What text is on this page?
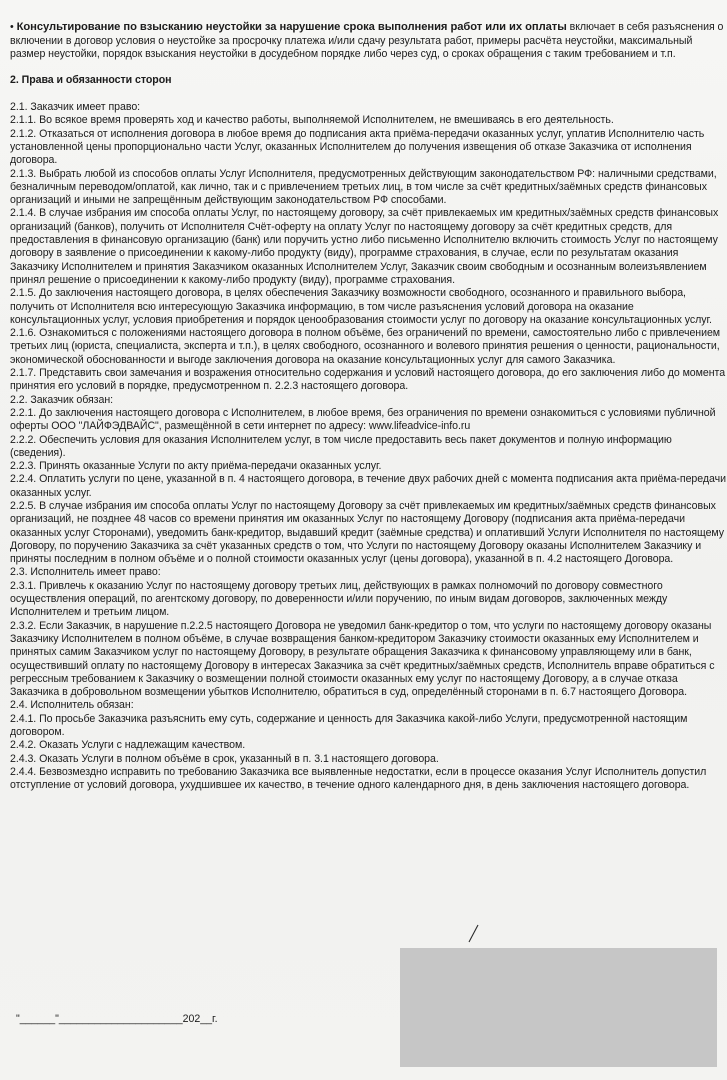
• Консультирование по взысканию неустойки за нарушение срока выполнения работ или их оплаты включает в себя разъяснения о включении в договор условия о неустойке за просрочку платежа и/или сдачу результата работ, примеры расчёта неустойки, максимальный размер неустойки, порядок взыскания неустойки в досудебном порядке либо через суд, о сроках обращения с таким требованием и т.п.

2. Права и обязанности сторон

2.1. Заказчик имеет право:

2.1.1. Во всякое время проверять ход и качество работы, выполняемой Исполнителем, не вмешиваясь в его деятельность.

2.1.2. Отказаться от исполнения договора в любое время до подписания акта приёма-передачи оказанных услуг, уплатив Исполнителю часть установленной цены пропорционально части Услуг, оказанных Исполнителем до получения извещения об отказе Заказчика от исполнения договора.

2.1.3. Выбрать любой из способов оплаты Услуг Исполнителя, предусмотренных действующим законодательством РФ: наличными средствами, безналичным переводом/оплатой, как лично, так и с привлечением третьих лиц, в том числе за счёт кредитных/заёмных средств финансовых организаций и иными не запрещённым действующим законодательством РФ способами.

2.1.4. В случае избрания им способа оплаты Услуг, по настоящему договору, за счёт привлекаемых им кредитных/заёмных средств финансовых организаций (банков), получить от Исполнителя Счёт-оферту на оплату Услуг по настоящему договору за счёт кредитных средств, для предоставления в финансовую организацию (банк) или поручить устно либо письменно Исполнителю включить стоимость Услуг по настоящему договору в заявление о присоединении к какому-либо продукту (виду), программе страхования, в случае, если по результатам оказания Заказчику Исполнителем и принятия Заказчиком оказанных Исполнителем Услуг, Заказчик своим свободным и осознанным волеизъявлением принял решение о присоединении к какому-либо продукту (виду), программе страхования.

2.1.5. До заключения настоящего договора, в целях обеспечения Заказчику возможности свободного, осознанного и правильного выбора, получить от Исполнителя всю интересующую Заказчика информацию, в том числе разъяснения условий договора на оказание консультационных услуг, условия приобретения и порядок ценообразования стоимости услуг по договору на оказание консультационных услуг.

2.1.6. Ознакомиться с положениями настоящего договора в полном объёме, без ограничений по времени, самостоятельно либо с привлечением третьих лиц (юриста, специалиста, эксперта и т.п.), в целях свободного, осознанного и волевого принятия решения о ценности, рациональности, экономической обоснованности и выгоде заключения договора на оказание консультационных услуг для самого Заказчика.

2.1.7. Представить свои замечания и возражения относительно содержания и условий настоящего договора, до его заключения либо до момента принятия его условий в порядке, предусмотренном п. 2.2.3 настоящего договора.

2.2. Заказчик обязан:

2.2.1. До заключения настоящего договора с Исполнителем, в любое время, без ограничения по времени ознакомиться с условиями публичной оферты ООО "ЛАЙФЭДВАЙС", размещённой в сети интернет по адресу: www.lifeadvice-info.ru

2.2.2. Обеспечить условия для оказания Исполнителем услуг, в том числе предоставить весь пакет документов и полную информацию (сведения).

2.2.3. Принять оказанные Услуги по акту приёма-передачи оказанных услуг.

2.2.4. Оплатить услуги по цене, указанной в п. 4 настоящего договора, в течение двух рабочих дней с момента подписания акта приёма-передачи оказанных услуг.

2.2.5. В случае избрания им способа оплаты Услуг по настоящему Договору за счёт привлекаемых им кредитных/заёмных средств финансовых организаций, не позднее 48 часов со времени принятия им оказанных Услуг по настоящему Договору (подписания акта приёма-передачи оказанных услуг Сторонами), уведомить банк-кредитор, выдавший кредит (заёмные средства) и оплативший Услуги Исполнителя по настоящему Договору, по поручению Заказчика за счёт указанных средств о том, что Услуги по настоящему Договору оказаны Исполнителем Заказчику и приняты последним в полном объёме и о полной стоимости оказанных услуг (цены договора), указанной в п. 4.2 настоящего Договора.

2.3. Исполнитель имеет право:

2.3.1. Привлечь к оказанию Услуг по настоящему договору третьих лиц, действующих в рамках полномочий по договору совместного осуществления операций, по агентскому договору, по доверенности и/или поручению, по иным видам договоров, заключенных между Исполнителем и третьим лицом.

2.3.2. Если Заказчик, в нарушение п.2.2.5 настоящего Договора не уведомил банк-кредитор о том, что услуги по настоящему договору оказаны Заказчику Исполнителем в полном объёме, в случае возвращения банком-кредитором Заказчику стоимости оказанных ему Исполнителем и принятых самим Заказчиком услуг по настоящему Договору, в результате обращения Заказчика к финансовому управляющему или в банк, осуществивший оплату по настоящему Договору в интересах Заказчика за счёт кредитных/заёмных средств, Исполнитель вправе обратиться с регрессным требованием к Заказчику о возмещении полной стоимости оказанных ему услуг по настоящему Договору, а в случае отказа Заказчика в добровольном возмещении убытков Исполнителю, обратиться в суд, определённый сторонами в п. 6.7 настоящего Договора.

2.4. Исполнитель обязан:

2.4.1. По просьбе Заказчика разъяснить ему суть, содержание и ценность для Заказчика какой-либо Услуги, предусмотренной настоящим договором.

2.4.2. Оказать Услуги с надлежащим качеством.

2.4.3. Оказать Услуги в полном объёме в срок, указанный в п. 3.1 настоящего договора.

2.4.4. Безвозмездно исправить по требованию Заказчика все выявленные недостатки, если в процессе оказания Услуг Исполнитель допустил отступление от условий договора, ухудшившее их качество, в течение одного календарного дня, в день заключения настоящего договора.

"______"_____________________202__г.
